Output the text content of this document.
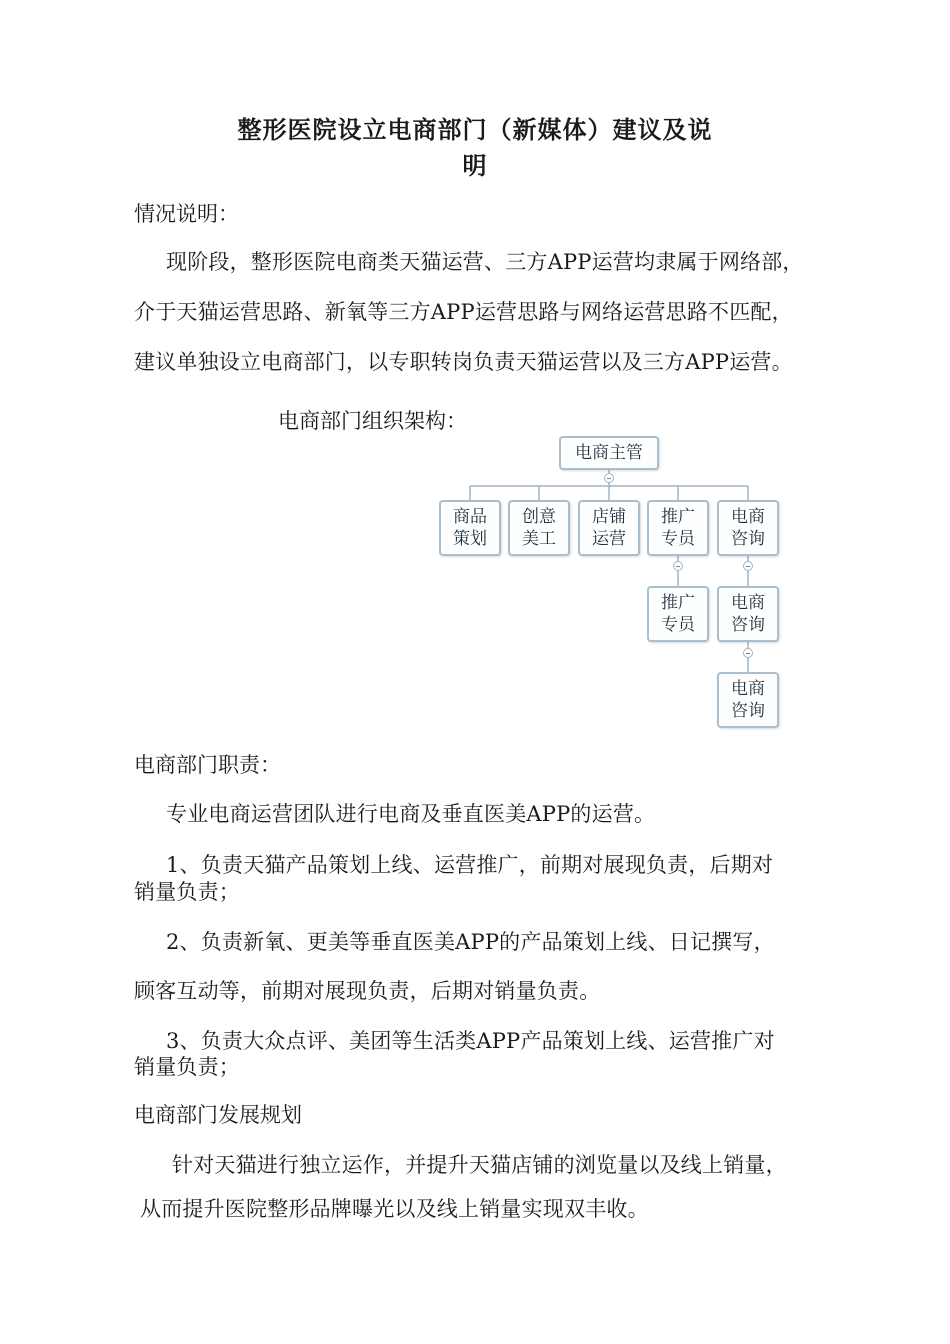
整形医院设立电商部门（新媒体）建议及说
明

情况说明：

现阶段，整形医院电商类天猫运营、三方APP运营均隶属于网络部，

介于天猫运营思路、新氧等三方APP运营思路与网络运营思路不匹配，

建议单独设立电商部门，以专职转岗负责天猫运营以及三方APP运营。

电商部门组织架构：

电商主管
商品策划
创意美工
店铺运营
推广专员
电商咨询
推广专员
电商咨询
电商咨询

电商部门职责：

专业电商运营团队进行电商及垂直医美APP的运营。

1、负责天猫产品策划上线、运营推广，前期对展现负责，后期对

销量负责；

2、负责新氧、更美等垂直医美APP的产品策划上线、日记撰写，

顾客互动等，前期对展现负责，后期对销量负责。

3、负责大众点评、美团等生活类APP产品策划上线、运营推广对

销量负责；

电商部门发展规划

针对天猫进行独立运作，并提升天猫店铺的浏览量以及线上销量，

从而提升医院整形品牌曝光以及线上销量实现双丰收。
